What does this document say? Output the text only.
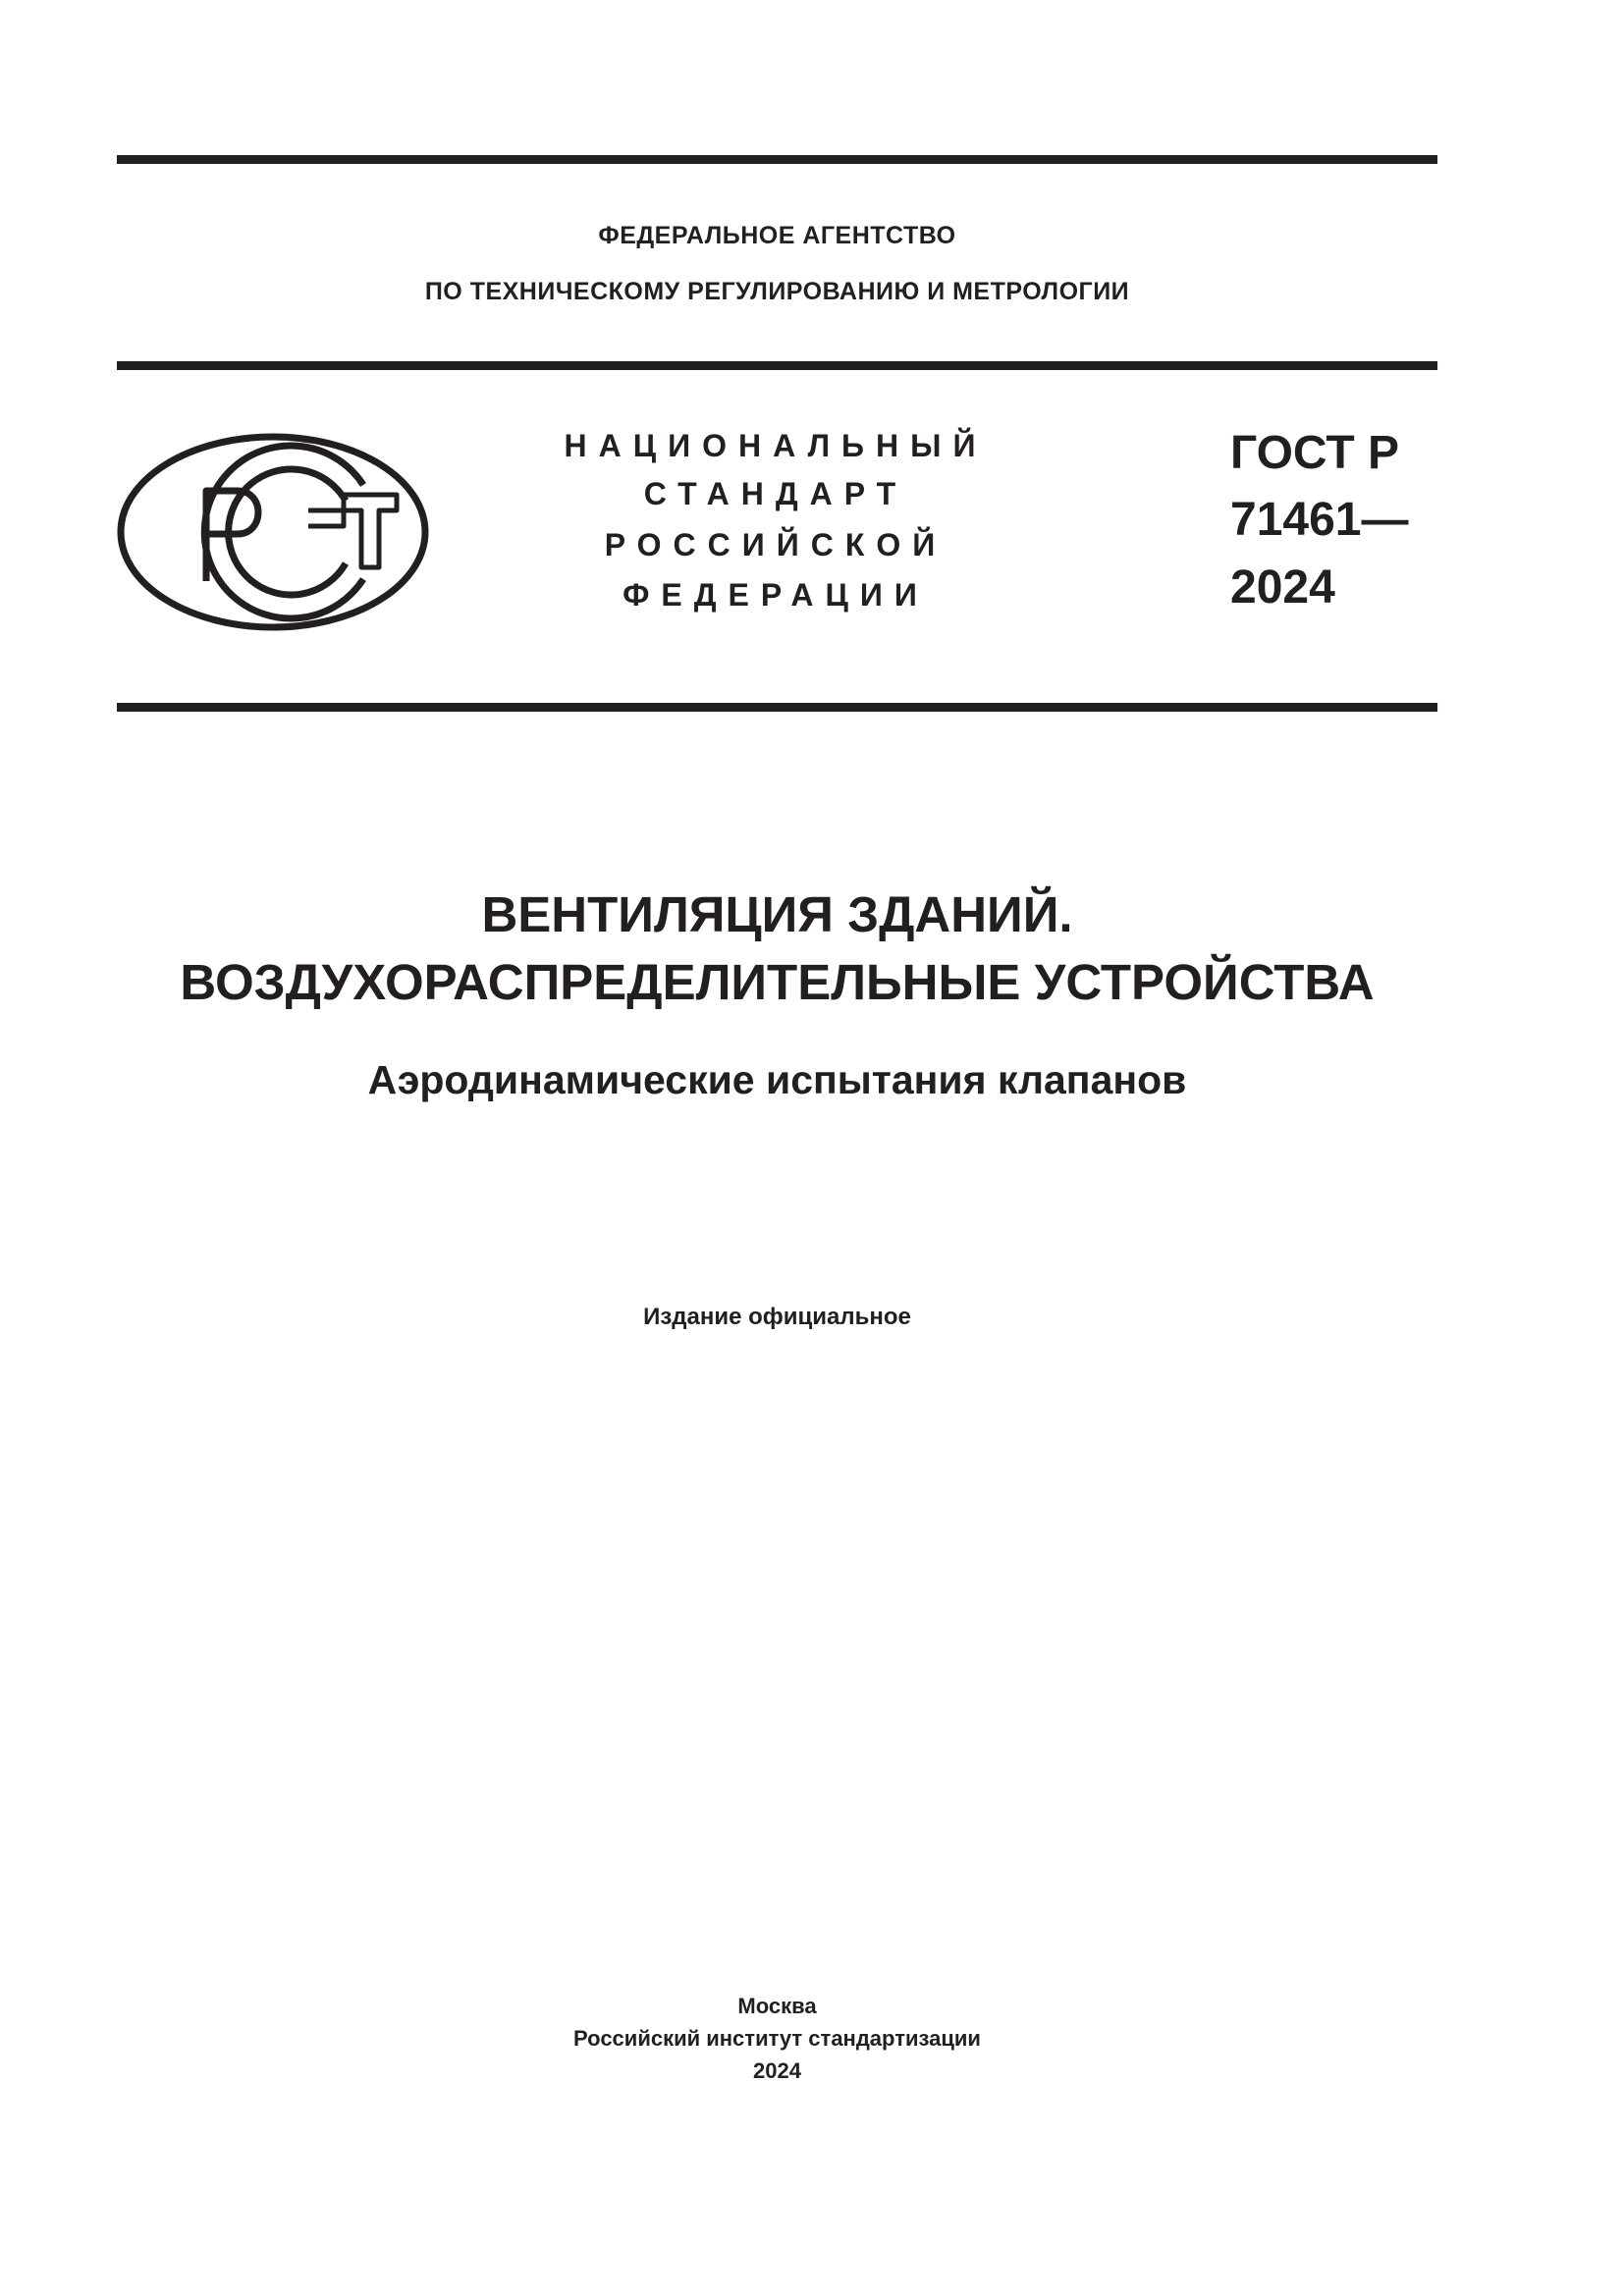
ФЕДЕРАЛЬНОЕ АГЕНТСТВО
ПО ТЕХНИЧЕСКОМУ РЕГУЛИРОВАНИЮ И МЕТРОЛОГИИ
НАЦИОНАЛЬНЫЙ
СТАНДАРТ
РОССИЙСКОЙ
ФЕДЕРАЦИИ
ГОСТ Р
71461—
2024
ВЕНТИЛЯЦИЯ ЗДАНИЙ.
ВОЗДУХОРАСПРЕДЕЛИТЕЛЬНЫЕ УСТРОЙСТВА
Аэродинамические испытания клапанов
Издание официальное
Москва
Российский институт стандартизации
2024
